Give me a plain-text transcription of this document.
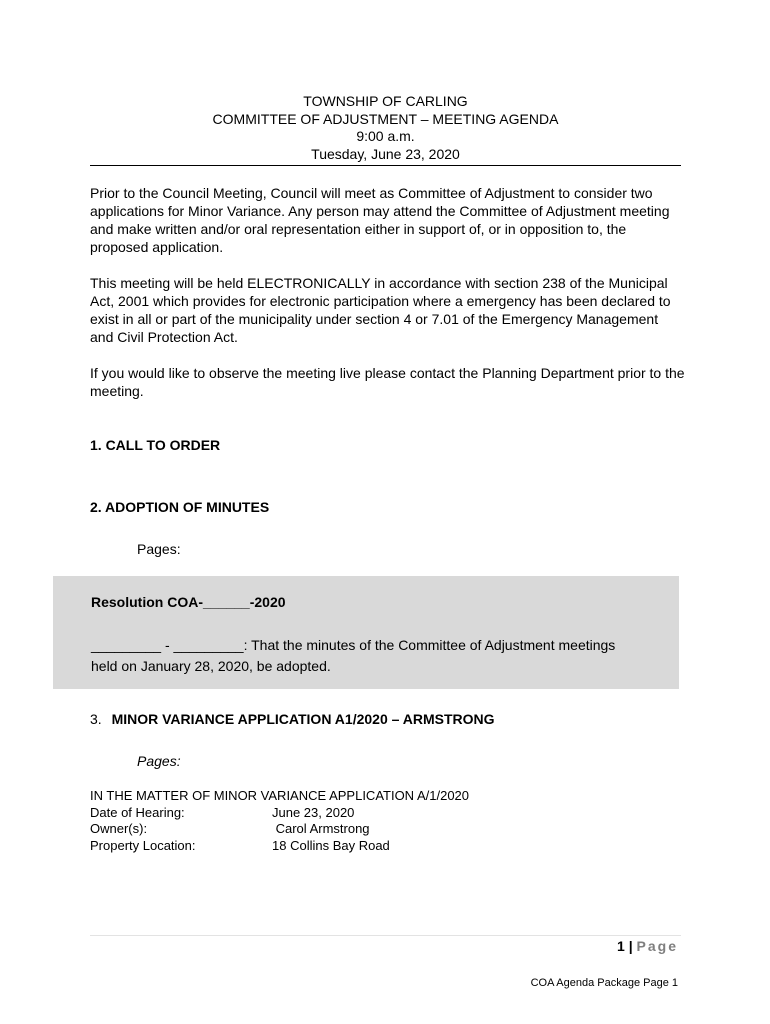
TOWNSHIP OF CARLING
COMMITTEE OF ADJUSTMENT – MEETING AGENDA
9:00 a.m.
Tuesday, June 23, 2020
Prior to the Council Meeting, Council will meet as Committee of Adjustment to consider two applications for Minor Variance. Any person may attend the Committee of Adjustment meeting and make written and/or oral representation either in support of, or in opposition to, the proposed application.
This meeting will be held ELECTRONICALLY in accordance with section 238 of the Municipal Act, 2001 which provides for electronic participation where a emergency has been declared to exist in all or part of the municipality under section 4 or 7.01 of the Emergency Management and Civil Protection Act.
If you would like to observe the meeting live please contact the Planning Department prior to the meeting.
1. CALL TO ORDER
2. ADOPTION OF MINUTES
Pages:
Resolution COA-______-2020
_________ - _________: That the minutes of the Committee of Adjustment meetings
held on January 28, 2020, be adopted.
3. MINOR VARIANCE APPLICATION A1/2020 – ARMSTRONG
Pages:
IN THE MATTER OF MINOR VARIANCE APPLICATION A/1/2020
Date of Hearing:	June 23, 2020
Owner(s):	Carol Armstrong
Property Location:	18 Collins Bay Road
1 | Page
COA Agenda Package Page 1
